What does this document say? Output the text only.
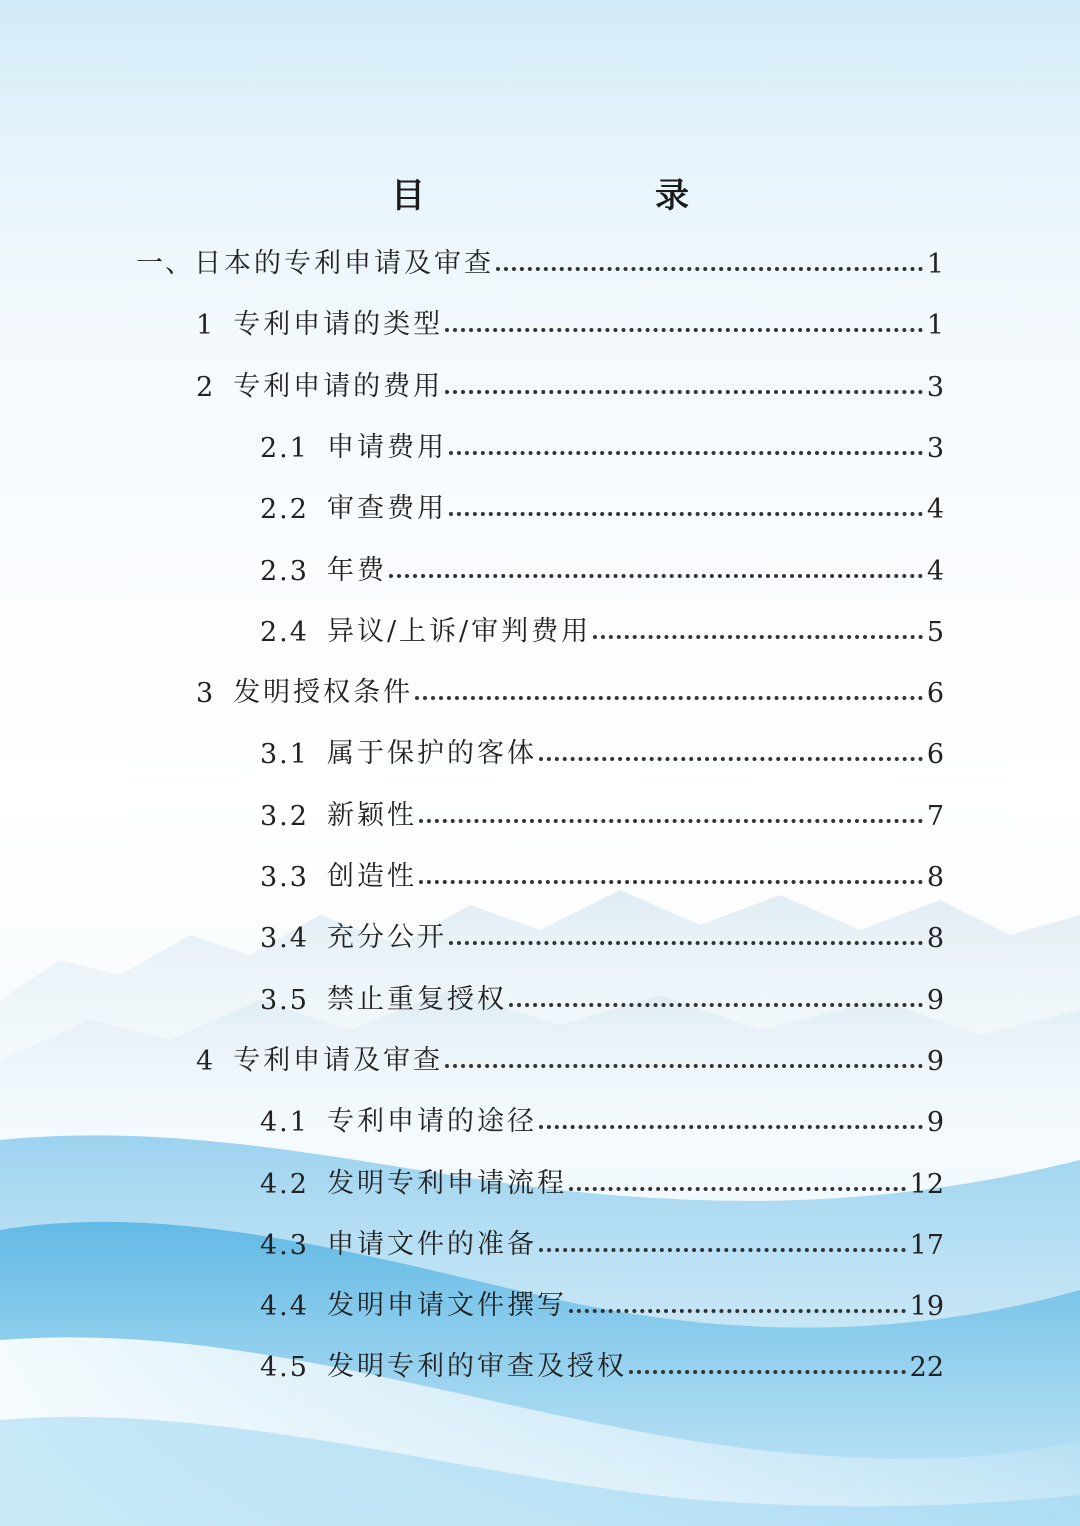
目　　录
一、 日本的专利申请及审查	1
1 专利申请的类型	1
2 专利申请的费用	3
2.1 申请费用	3
2.2 审查费用	4
2.3 年费	4
2.4 异议/上诉/审判费用	5
3 发明授权条件	6
3.1 属于保护的客体	6
3.2 新颖性	7
3.3 创造性	8
3.4 充分公开	8
3.5 禁止重复授权	9
4 专利申请及审查	9
4.1 专利申请的途径	9
4.2 发明专利申请流程	12
4.3 申请文件的准备	17
4.4 发明申请文件撰写	19
4.5 发明专利的审查及授权	22
